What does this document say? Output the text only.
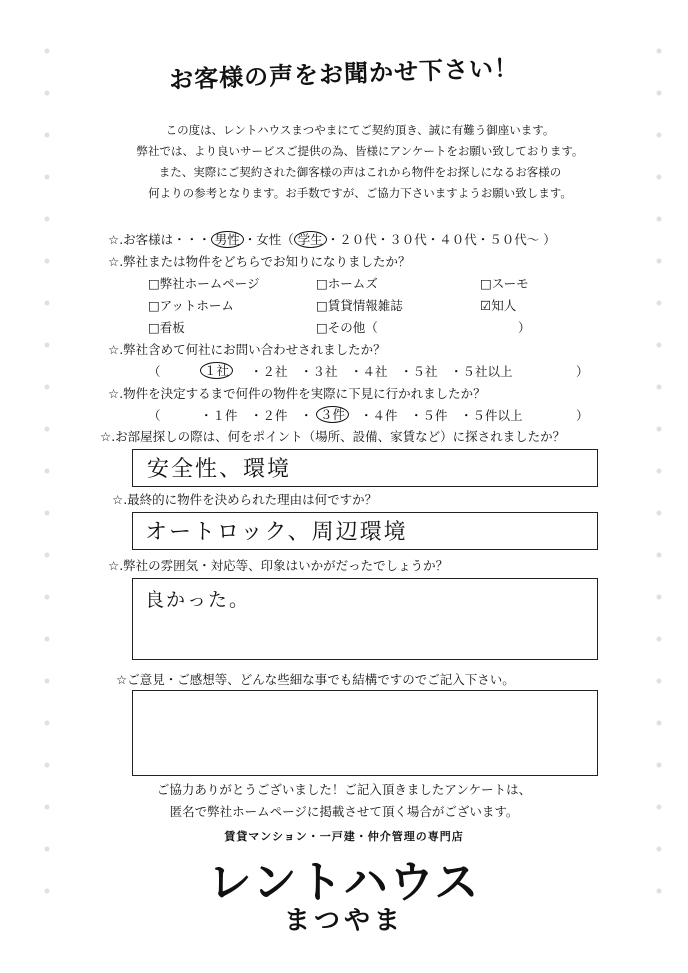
お客様の声をお聞かせ下さい！
この度は、レントハウスまつやまにてご契約頂き、誠に有難う御座います。
弊社では、より良いサービスご提供の為、皆様にアンケートをお願い致しております。
また、実際にご契約された御客様の声はこれから物件をお探しになるお客様の
何よりの参考となります。お手数ですが、ご協力下さいますようお願い致します。
☆.お客様は・・・ 男性 ・女性（ 学生 ・２０代・３０代・４０代・５０代～ ）
☆.弊社または物件をどちらでお知りになりましたか？
□弊社ホームページ	□ホームズ	□スーモ
□アットホーム	□賃貸情報雑誌	☑知人
□看板	□その他（	）
☆.弊社含めて何社にお問い合わせされましたか？
（	１社	・２社　・３社　・４社　・５社　・５社以上	）
☆.物件を決定するまで何件の物件を実際に下見に行かれましたか？
（	・１件　・２件　・ ３件	・４件　・５件　・５件以上	）
☆.お部屋探しの際は、何をポイント（場所、設備、家賃など）に探されましたか？
安全性、環境
☆.最終的に物件を決められた理由は何ですか？
オートロック、周辺環境
☆.弊社の雰囲気・対応等、印象はいかがだったでしょうか？
良かった。
☆ご意見・ご感想等、どんな些細な事でも結構ですのでご記入下さい。
ご協力ありがとうございました！ご記入頂きましたアンケートは、
匿名で弊社ホームページに掲載させて頂く場合がございます。
賃貸マンション・一戸建・仲介管理の専門店
レントハウス
まつやま
